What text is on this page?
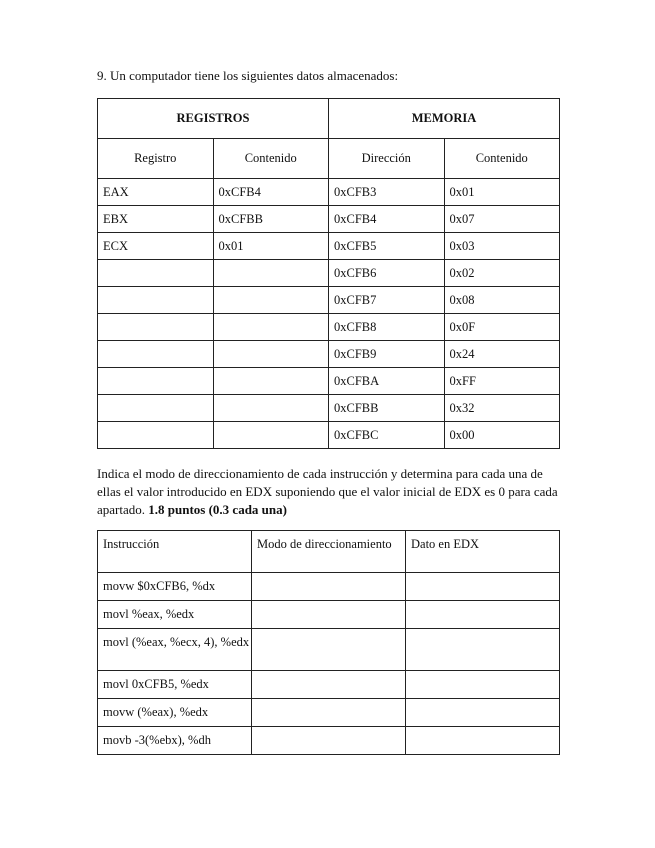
9. Un computador tiene los siguientes datos almacenados:
REGISTROS		MEMORIA	
Registro	Contenido	Dirección	Contenido
EAX	0xCFB4	0xCFB3	0x01
EBX	0xCFBB	0xCFB4	0x07
ECX	0x01	0xCFB5	0x03
		0xCFB6	0x02
		0xCFB7	0x08
		0xCFB8	0x0F
		0xCFB9	0x24
		0xCFBA	0xFF
		0xCFBB	0x32
		0xCFBC	0x00
Indica el modo de direccionamiento de cada instrucción y determina para cada una de ellas el valor introducido en EDX suponiendo que el valor inicial de EDX es 0 para cada apartado. 1.8 puntos (0.3 cada una)
Instrucción	Modo de direccionamiento	Dato en EDX
movw $0xCFB6, %dx		
movl %eax, %edx		
movl (%eax, %ecx, 4), %edx		
movl 0xCFB5, %edx		
movw (%eax), %edx		
movb -3(%ebx), %dh		
